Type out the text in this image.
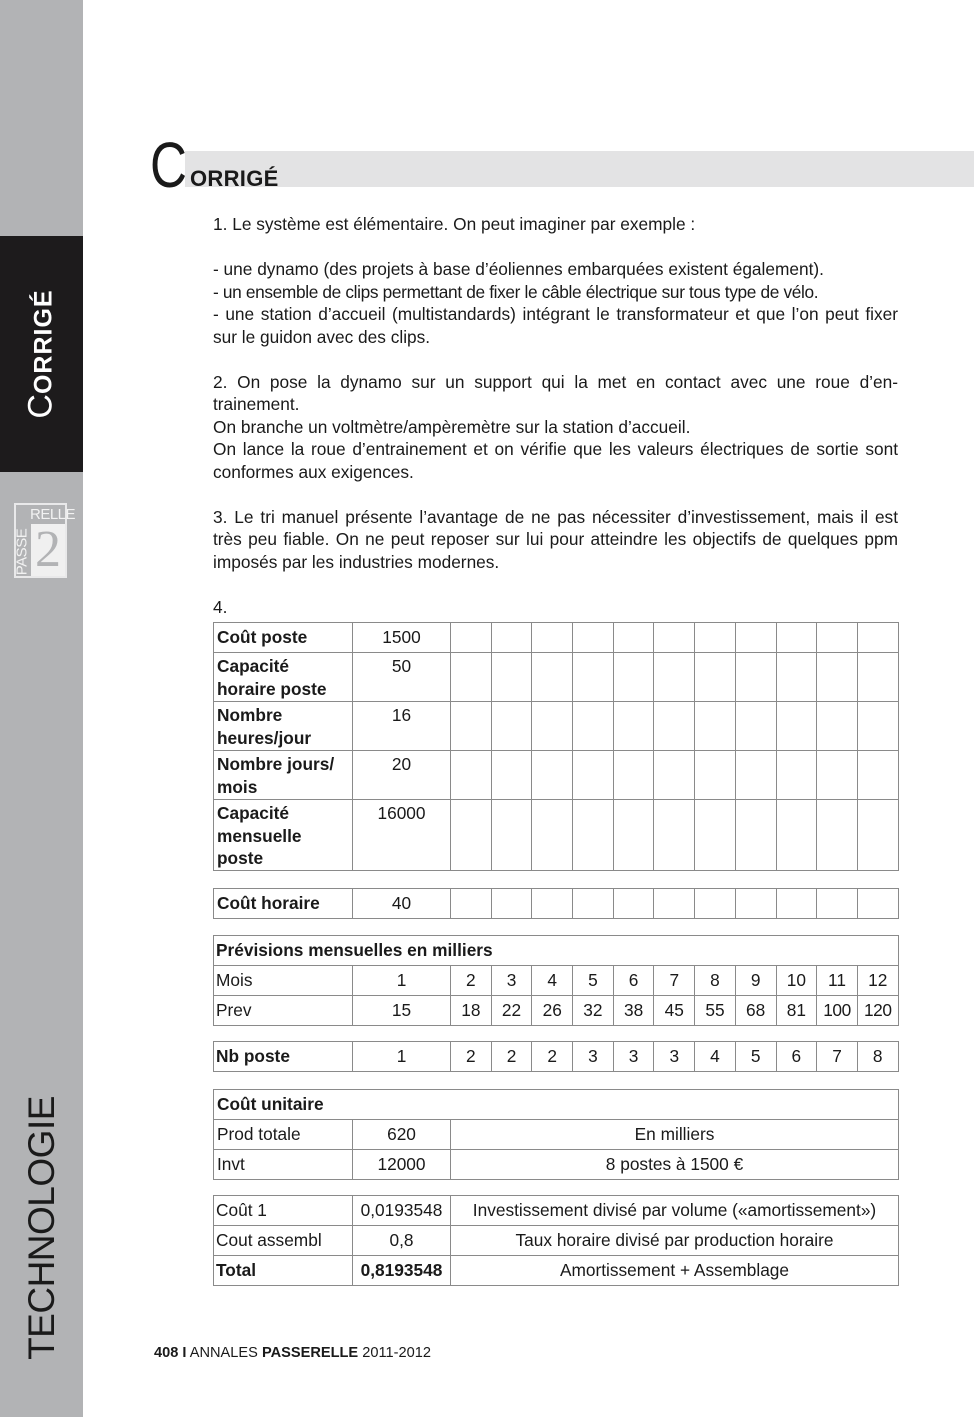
CORRIGÉ
RELLE
PASSE 2
TECHNOLOGIE
C ORRIGÉ

1. Le système est élémentaire. On peut imaginer par exemple :

- une dynamo (des projets à base d’éoliennes embarquées existent également).

- un ensemble de clips permettant de fixer le câble électrique sur tous type de vélo.

- une station d’accueil (multistandards) intégrant le transformateur et que l’on peut fixer sur le guidon avec des clips.

2. On pose la dynamo sur un support qui la met en contact avec une roue d’en-trainement.

On branche un voltmètre/ampèremètre sur la station d’accueil.

On lance la roue d’entrainement et on vérifie que les valeurs électriques de sortie sont conformes aux exigences.

3. Le tri manuel présente l’avantage de ne pas nécessiter d’investissement, mais il est très peu fiable. On ne peut reposer sur lui pour atteindre les objectifs de quelques ppm imposés par les industries modernes.

4.

Coût poste	1500											
Capacité horaire poste	50											
Nombre heures/jour	16											
Nombre jours/ mois	20											
Capacité mensuelle poste	16000											
Coût horaire	40											
Prévisions mensuelles en milliers												
Mois	1	2	3	4	5	6	7	8	9	10	11	12
Prev	15	18	22	26	32	38	45	55	68	81	100	120
Nb poste	1	2	2	2	3	3	3	4	5	6	7	8
Coût unitaire		
Prod totale	620	En milliers
Invt	12000	8 postes à 1500 €
Coût 1	0,0193548	Investissement divisé par volume («amortissement»)
Cout assembl	0,8	Taux horaire divisé par production horaire
Total	0,8193548	Amortissement + Assemblage
408 I ANNALES PASSERELLE 2011-2012
